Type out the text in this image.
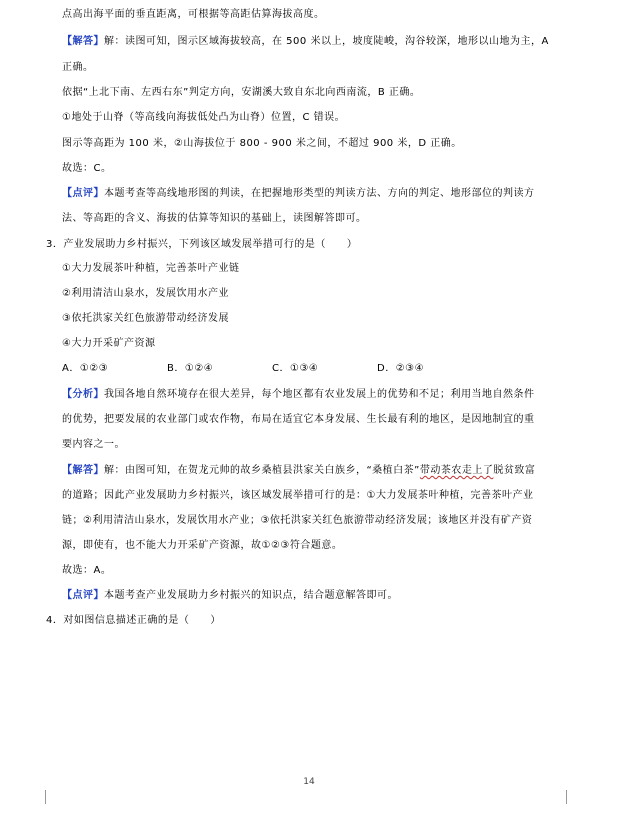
点高出海平面的垂直距离，可根据等高距估算海拔高度。
【解答】解：读图可知，图示区域海拔较高，在 500 米以上，坡度陡峻，沟谷较深，地形以山地为主，A
正确。
依据“上北下南、左西右东”判定方向，安湖溪大致自东北向西南流，B 正确。
①地处于山脊（等高线向海拔低处凸为山脊）位置，C 错误。
图示等高距为 100 米，②山海拔位于 800 - 900 米之间，不超过 900 米，D 正确。
故选：C。
【点评】本题考查等高线地形图的判读，在把握地形类型的判读方法、方向的判定、地形部位的判读方
法、等高距的含义、海拔的估算等知识的基础上，读图解答即可。
3．产业发展助力乡村振兴，下列该区域发展举措可行的是（　　）
①大力发展茶叶种植，完善茶叶产业链
②利用清洁山泉水，发展饮用水产业
③依托洪家关红色旅游带动经济发展
④大力开采矿产资源
A．①②③	B．①②④	C．①③④	D．②③④
【分析】我国各地自然环境存在很大差异，每个地区都有农业发展上的优势和不足；利用当地自然条件
的优势，把要发展的农业部门或农作物，布局在适宜它本身发展、生长最有利的地区，是因地制宜的重
要内容之一。
【解答】解：由图可知，在贺龙元帅的故乡桑植县洪家关白族乡，“桑植白茶”带动茶农走上了脱贫致富
的道路；因此产业发展助力乡村振兴，该区域发展举措可行的是：①大力发展茶叶种植，完善茶叶产业
链；②利用清洁山泉水，发展饮用水产业；③依托洪家关红色旅游带动经济发展；该地区并没有矿产资
源，即使有，也不能大力开采矿产资源，故①②③符合题意。
故选：A。
【点评】本题考查产业发展助力乡村振兴的知识点，结合题意解答即可。
4．对如图信息描述正确的是（　　）
14
